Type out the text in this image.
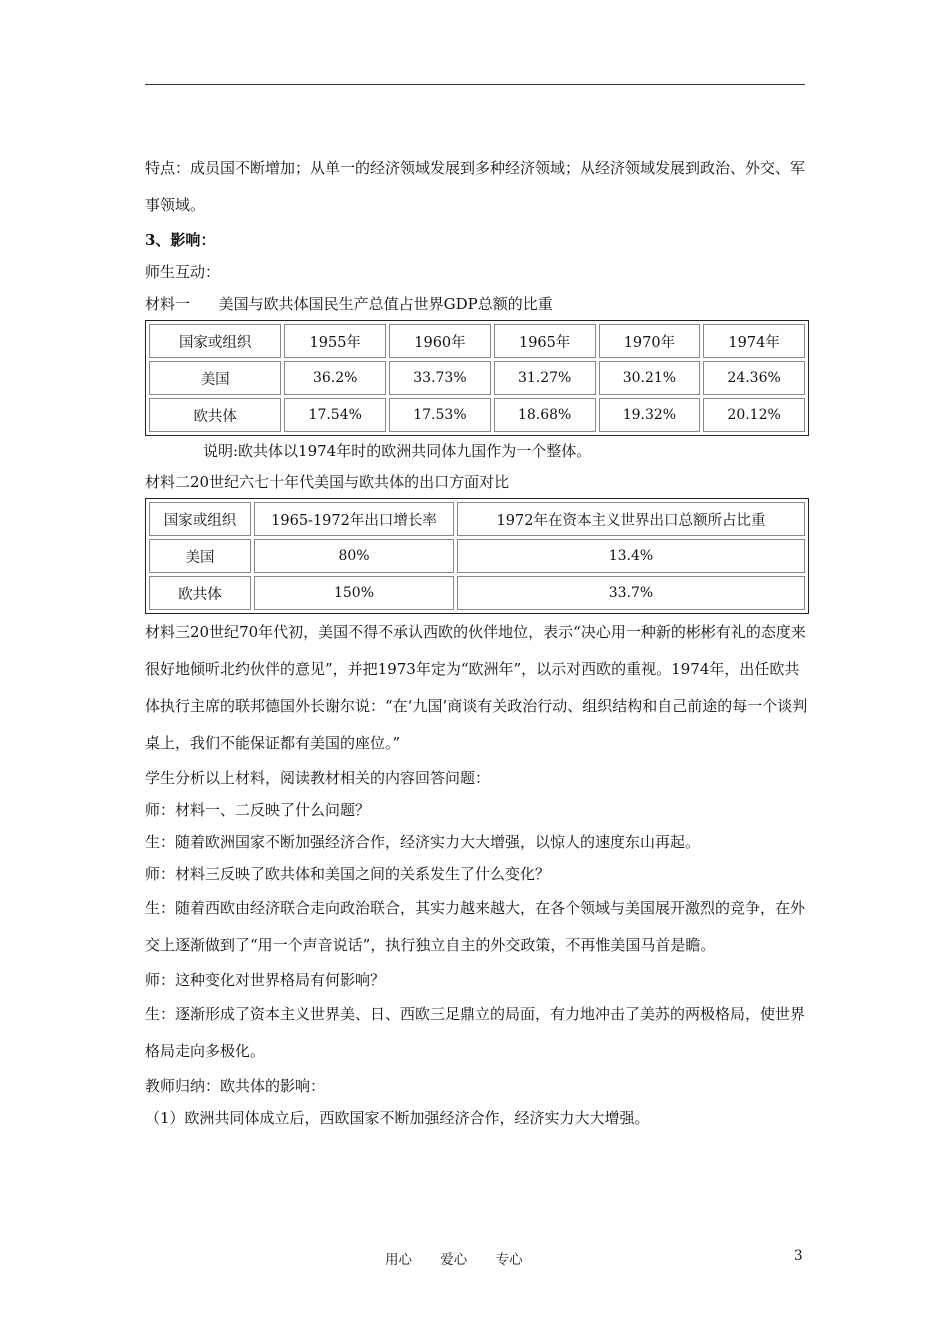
特点：成员国不断增加；从单一的经济领域发展到多种经济领域；从经济领域发展到政治、外交、军事领域。

3、影响：

师生互动：

材料一      美国与欧共体国民生产总值占世界GDP总额的比重

国家或组织	1955年	1960年	1965年	1970年	1974年
美国	36.2%	33.73%	31.27%	30.21%	24.36%
欧共体	17.54%	17.53%	18.68%	19.32%	20.12%

说明:欧共体以1974年时的欧洲共同体九国作为一个整体。

材料二20世纪六七十年代美国与欧共体的出口方面对比

国家或组织	1965-1972年出口增长率	1972年在资本主义世界出口总额所占比重
美国	80%	13.4%
欧共体	150%	33.7%

材料三20世纪70年代初，美国不得不承认西欧的伙伴地位，表示“决心用一种新的彬彬有礼的态度来很好地倾听北约伙伴的意见”，并把1973年定为“欧洲年”，以示对西欧的重视。1974年，出任欧共体执行主席的联邦德国外长谢尔说：“在‘九国’商谈有关政治行动、组织结构和自己前途的每一个谈判桌上，我们不能保证都有美国的座位。”

学生分析以上材料，阅读教材相关的内容回答问题：

师：材料一、二反映了什么问题？

生：随着欧洲国家不断加强经济合作，经济实力大大增强，以惊人的速度东山再起。

师：材料三反映了欧共体和美国之间的关系发生了什么变化？

生：随着西欧由经济联合走向政治联合，其实力越来越大，在各个领域与美国展开激烈的竞争，在外交上逐渐做到了“用一个声音说话”，执行独立自主的外交政策，不再惟美国马首是瞻。

师：这种变化对世界格局有何影响？

生：逐渐形成了资本主义世界美、日、西欧三足鼎立的局面，有力地冲击了美苏的两极格局，使世界格局走向多极化。

教师归纳：欧共体的影响：

（1）欧洲共同体成立后，西欧国家不断加强经济合作，经济实力大大增强。

用心 爱心 专心	3
